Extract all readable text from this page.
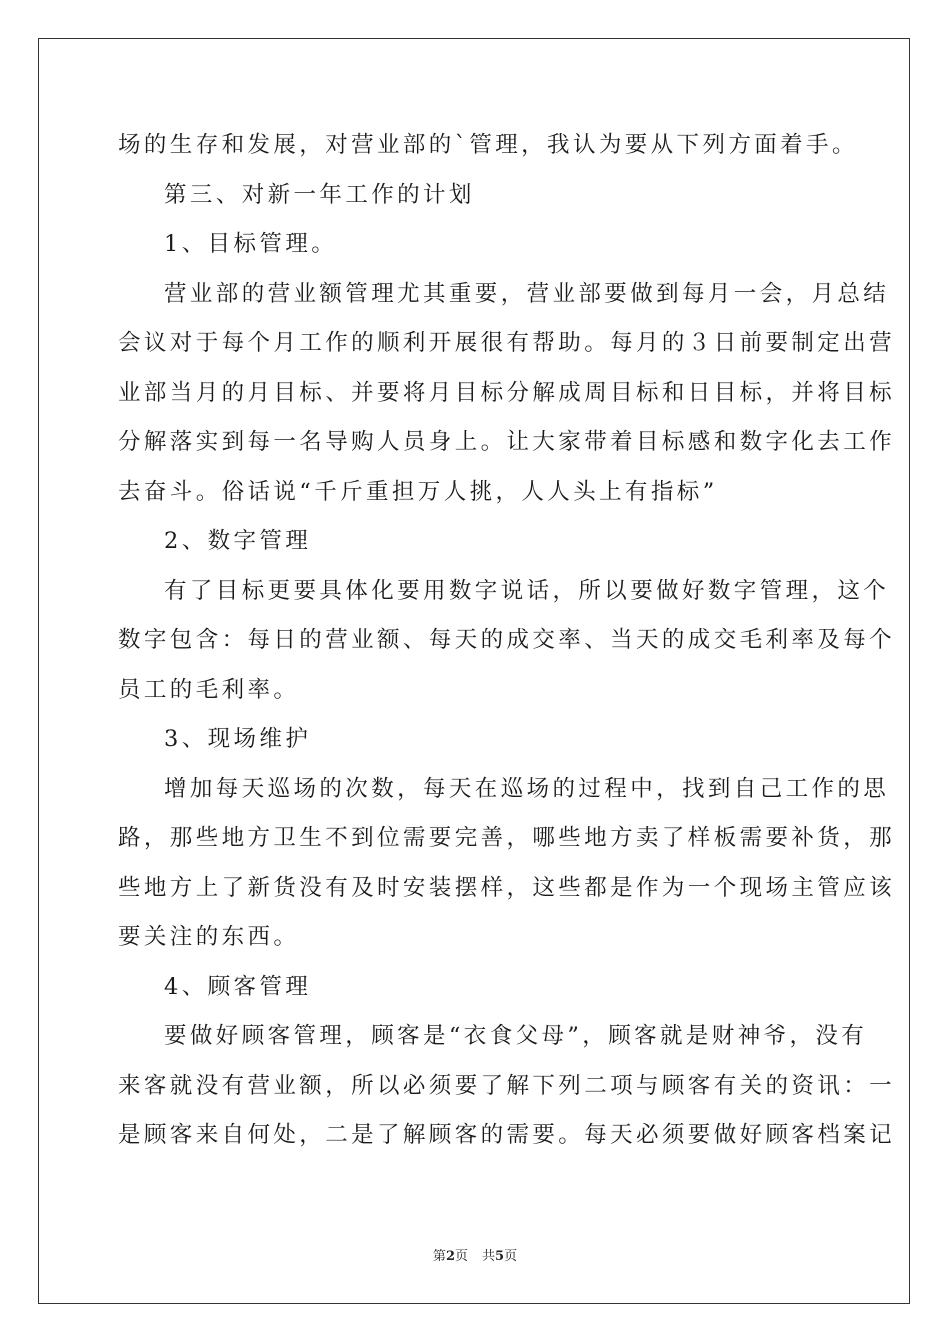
场的生存和发展，对营业部的`管理，我认为要从下列方面着手。
第三、对新一年工作的计划
1、目标管理。
营业部的营业额管理尤其重要，营业部要做到每月一会，月总结
会议对于每个月工作的顺利开展很有帮助。每月的３日前要制定出营
业部当月的月目标、并要将月目标分解成周目标和日目标，并将目标
分解落实到每一名导购人员身上。让大家带着目标感和数字化去工作
去奋斗。俗话说“千斤重担万人挑，人人头上有指标”
2、数字管理
有了目标更要具体化要用数字说话，所以要做好数字管理，这个
数字包含：每日的营业额、每天的成交率、当天的成交毛利率及每个
员工的毛利率。
3、现场维护
增加每天巡场的次数，每天在巡场的过程中，找到自己工作的思
路，那些地方卫生不到位需要完善，哪些地方卖了样板需要补货，那
些地方上了新货没有及时安装摆样，这些都是作为一个现场主管应该
要关注的东西。
4、顾客管理
要做好顾客管理，顾客是“衣食父母”，顾客就是财神爷，没有
来客就没有营业额，所以必须要了解下列二项与顾客有关的资讯：一
是顾客来自何处，二是了解顾客的需要。每天必须要做好顾客档案记
第2页 共5页
